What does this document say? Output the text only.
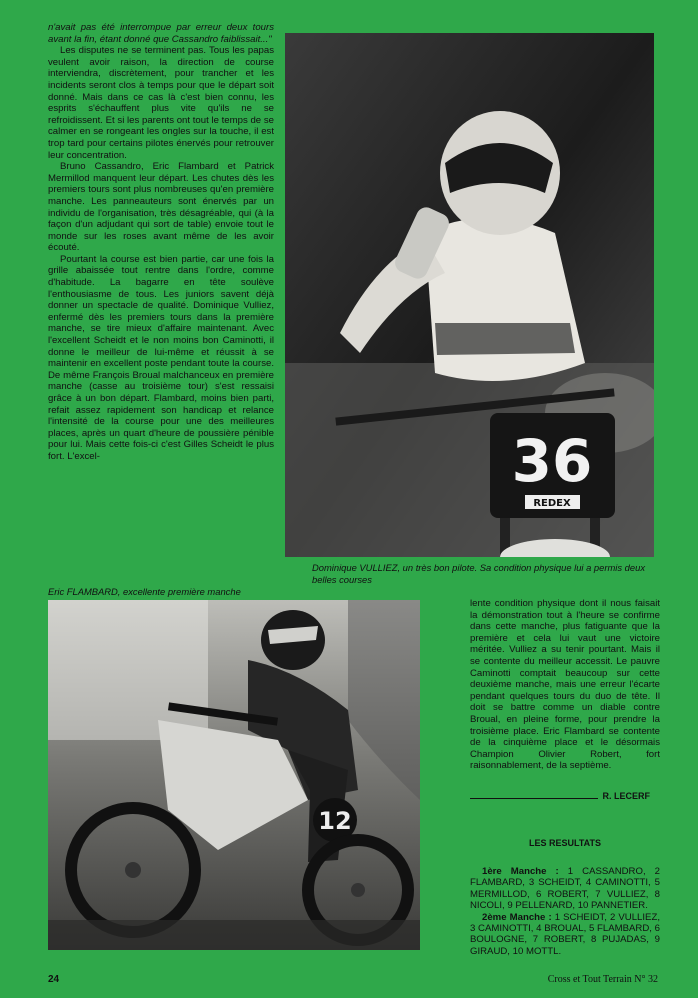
n'avait pas été interrompue par erreur deux tours avant la fin, étant donné que Cassandro faiblissait..."

Les disputes ne se terminent pas. Tous les papas veulent avoir raison, la direction de course interviendra, discrètement, pour trancher et les incidents seront clos à temps pour que le départ soit donné. Mais dans ce cas là c'est bien connu, les esprits s'échauffent plus vite qu'ils ne se refroidissent. Et si les parents ont tout le temps de se calmer en se rongeant les ongles sur la touche, il est trop tard pour certains pilotes énervés pour retrouver leur concentration.

Bruno Cassandro, Eric Flambard et Patrick Mermillod manquent leur départ. Les chutes dès les premiers tours sont plus nombreuses qu'en première manche. Les panneauteurs sont énervés par un individu de l'organisation, très désagréable, qui (à la façon d'un adjudant qui sort de table) envoie tout le monde sur les roses avant même de les avoir écouté.

Pourtant la course est bien partie, car une fois la grille abaissée tout rentre dans l'ordre, comme d'habitude. La bagarre en tête soulève l'enthousiasme de tous. Les juniors savent déjà donner un spectacle de qualité. Dominique Vulliez, enfermé dès les premiers tours dans la première manche, se tire mieux d'affaire maintenant. Avec l'excellent Scheidt et le non moins bon Caminotti, il donne le meilleur de lui-même et réussit à se maintenir en excellent poste pendant toute la course. De même François Broual malchanceux en première manche (casse au troisième tour) s'est ressaisi grâce à un bon départ. Flambard, moins bien parti, refait assez rapidement son handicap et relance l'intensité de la course pour une des meilleures places, après un quart d'heure de poussière pénible pour lui. Mais cette fois-ci c'est Gilles Scheidt le plus fort. L'excel-	36
REDEX
Dominique VULLIEZ, un très bon pilote. Sa condition physique lui a permis deux belles courses
Eric FLAMBARD, excellente première manche
12

lente condition physique dont il nous faisait la démonstration tout à l'heure se confirme dans cette manche, plus fatiguante que la première et cela lui vaut une victoire méritée. Vulliez a su tenir pourtant. Mais il se contente du meilleur accessit. Le pauvre Caminotti comptait beaucoup sur cette deuxième manche, mais une erreur l'écarte pendant quelques tours du duo de tête. Il doit se battre comme un diable contre Broual, en pleine forme, pour prendre la troisième place. Eric Flambard se contente de la cinquième place et le désormais Champion Olivier Robert, fort raisonnablement, de la septième.

R. LECERF
LES RESULTATS

1ère Manche : 1 CASSANDRO, 2 FLAMBARD, 3 SCHEIDT, 4 CAMINOTTI, 5 MERMILLOD, 6 ROBERT, 7 VULLIEZ, 8 NICOLI, 9 PELLENARD, 10 PANNETIER.

2ème Manche : 1 SCHEIDT, 2 VULLIEZ, 3 CAMINOTTI, 4 BROUAL, 5 FLAMBARD, 6 BOULOGNE, 7 ROBERT, 8 PUJADAS, 9 GIRAUD, 10 MOTTL.

24	Cross et Tout Terrain N° 32
